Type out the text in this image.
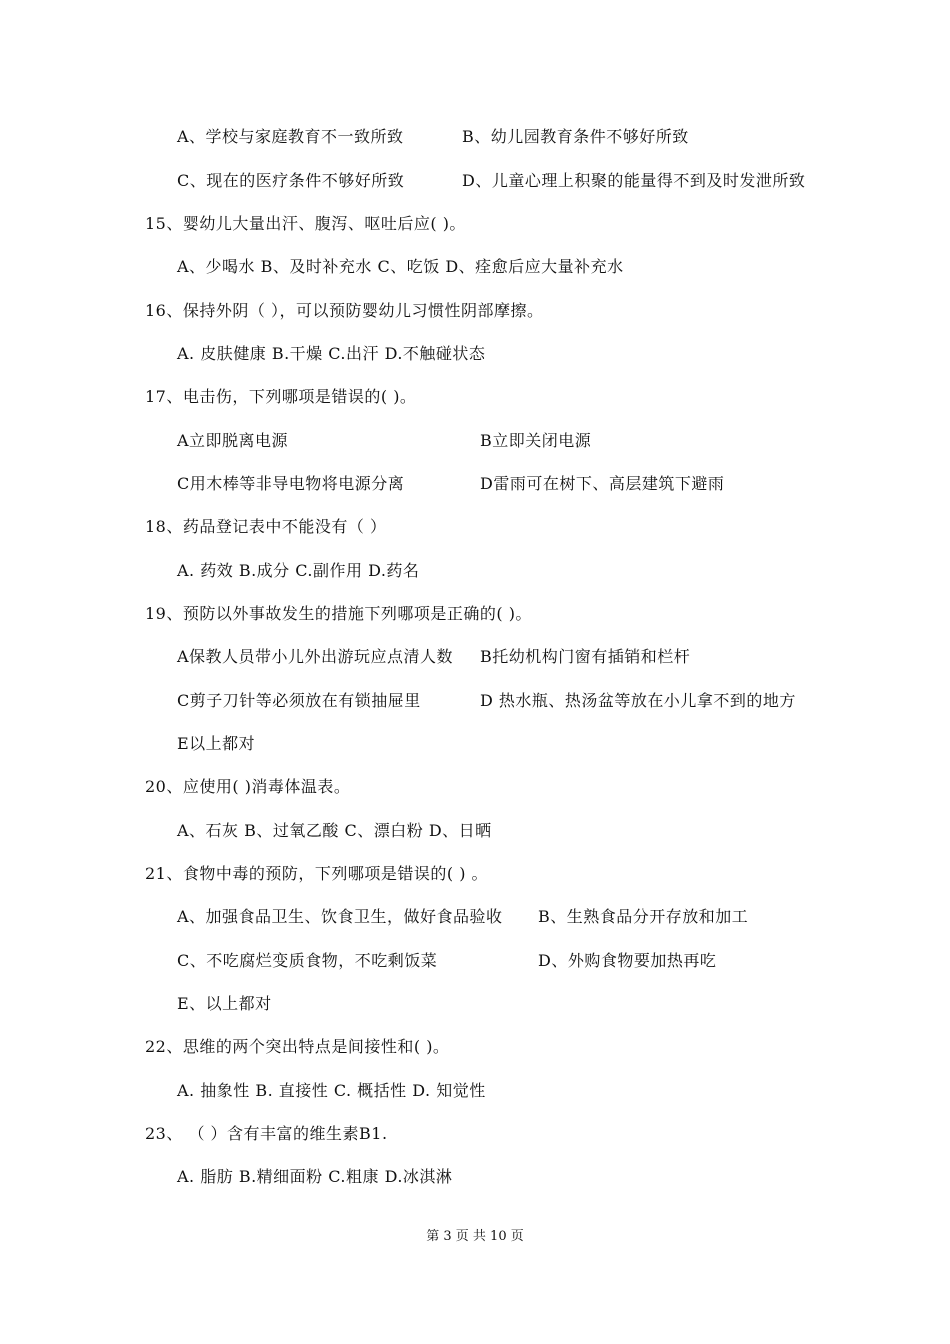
A、学校与家庭教育不一致所致	B、幼儿园教育条件不够好所致
C、现在的医疗条件不够好所致	D、儿童心理上积聚的能量得不到及时发泄所致
15、婴幼儿大量出汗、腹泻、呕吐后应( )。
A、少喝水 B、及时补充水 C、吃饭 D、痊愈后应大量补充水
16、保持外阴（ ），可以预防婴幼儿习惯性阴部摩擦。
A. 皮肤健康 B.干燥 C.出汗 D.不触碰状态
17、电击伤，下列哪项是错误的( )。
A立即脱离电源	B立即关闭电源
C用木棒等非导电物将电源分离	D雷雨可在树下、高层建筑下避雨
18、药品登记表中不能没有（ ）
A. 药效 B.成分 C.副作用 D.药名
19、预防以外事故发生的措施下列哪项是正确的( )。
A保教人员带小儿外出游玩应点清人数 B托幼机构门窗有插销和栏杆
C剪子刀针等必须放在有锁抽屉里	D 热水瓶、热汤盆等放在小儿拿不到的地方
E以上都对
20、应使用( )消毒体温表。
A、石灰 B、过氧乙酸 C、漂白粉 D、日晒
21、食物中毒的预防，下列哪项是错误的( ) 。
A、加强食品卫生、饮食卫生，做好食品验收 B、生熟食品分开存放和加工
C、不吃腐烂变质食物，不吃剩饭菜	D、外购食物要加热再吃
E、以上都对
22、思维的两个突出特点是间接性和( )。
A. 抽象性 B. 直接性 C. 概括性 D. 知觉性
23、 （ ）含有丰富的维生素B1.
A. 脂肪 B.精细面粉 C.粗康 D.冰淇淋
第 3 页 共 10 页
